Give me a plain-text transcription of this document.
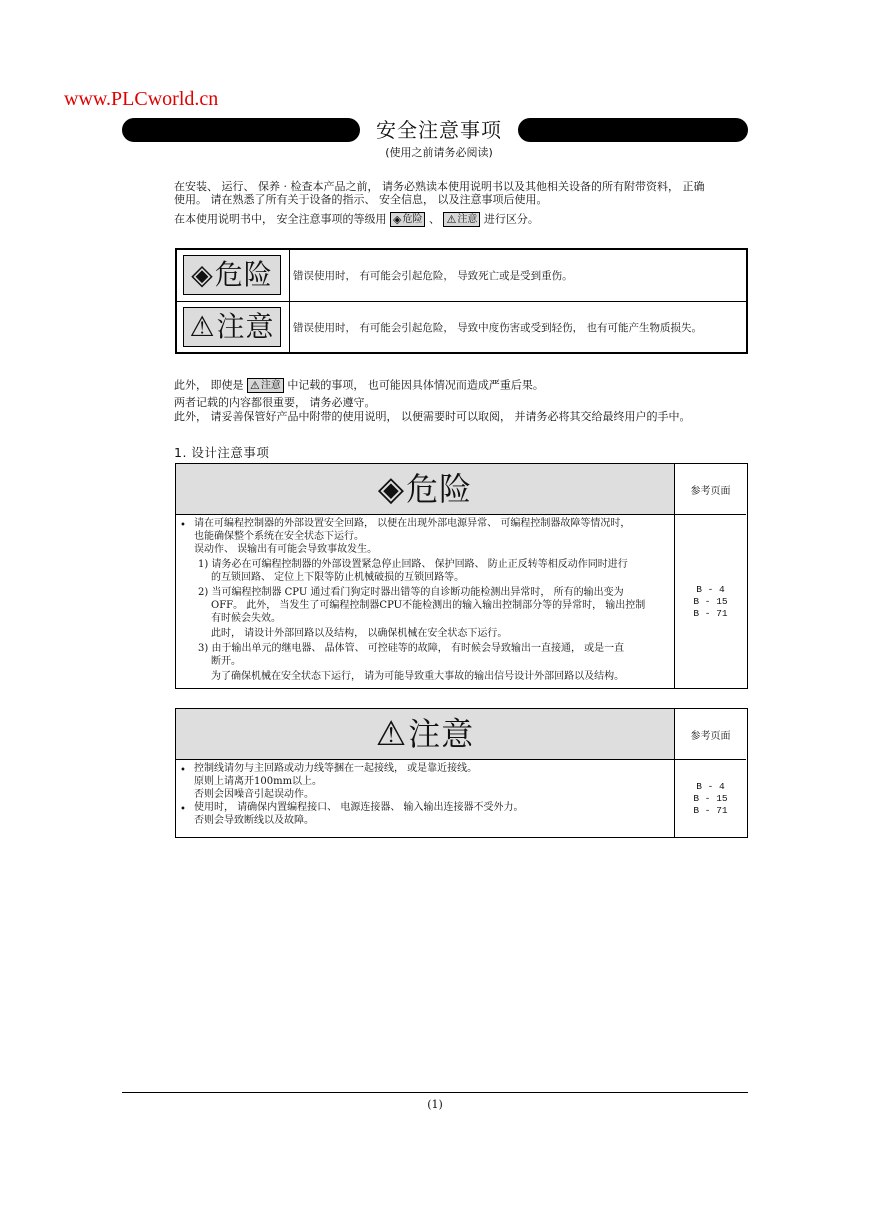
www.PLCworld.cn
安全注意事项
(使用之前请务必阅读)
在安装、 运行、 保养 · 检查本产品之前， 请务必熟读本使用说明书以及其他相关设备的所有附带资料， 正确
使用。 请在熟悉了所有关于设备的指示、 安全信息， 以及注意事项后使用。
在本使用说明书中， 安全注意事项的等级用 ◈ 危险 、 ⚠ 注意 进行区分。
◈ 危险 错误使用时， 有可能会引起危险， 导致死亡或是受到重伤。
⚠ 注意 错误使用时， 有可能会引起危险， 导致中度伤害或受到轻伤， 也有可能产生物质损失。
此外， 即使是 ⚠ 注意 中记载的事项， 也可能因具体情况而造成严重后果。
两者记载的内容都很重要， 请务必遵守。
此外， 请妥善保管好产品中附带的使用说明， 以便需要时可以取阅， 并请务必将其交给最终用户的手中。
1. 设计注意事项
◈ 危险	参考页面
• 请在可编程控制器的外部设置安全回路， 以便在出现外部电源异常、 可编程控制器故障等情况时，
也能确保整个系统在安全状态下运行。
误动作、 误输出有可能会导致事故发生。
1) 请务必在可编程控制器的外部设置紧急停止回路、 保护回路、 防止正反转等相反动作同时进行
的互锁回路、 定位上下限等防止机械破损的互锁回路等。
2) 当可编程控制器 CPU 通过看门狗定时器出错等的自诊断功能检测出异常时， 所有的输出变为
OFF。 此外， 当发生了可编程控制器CPU不能检测出的输入输出控制部分等的异常时， 输出控制
有时候会失效。
此时， 请设计外部回路以及结构， 以确保机械在安全状态下运行。
3) 由于输出单元的继电器、 晶体管、 可控硅等的故障， 有时候会导致输出一直接通， 或是一直
断开。
为了确保机械在安全状态下运行， 请为可能导致重大事故的输出信号设计外部回路以及结构。
B - 4
B - 15
B - 71
⚠ 注意	参考页面
• 控制线请勿与主回路或动力线等捆在一起接线， 或是靠近接线。
原则上请离开100mm以上。
否则会因噪音引起误动作。
• 使用时， 请确保内置编程接口、 电源连接器、 输入输出连接器不受外力。
否则会导致断线以及故障。
B - 4
B - 15
B - 71
(1)
